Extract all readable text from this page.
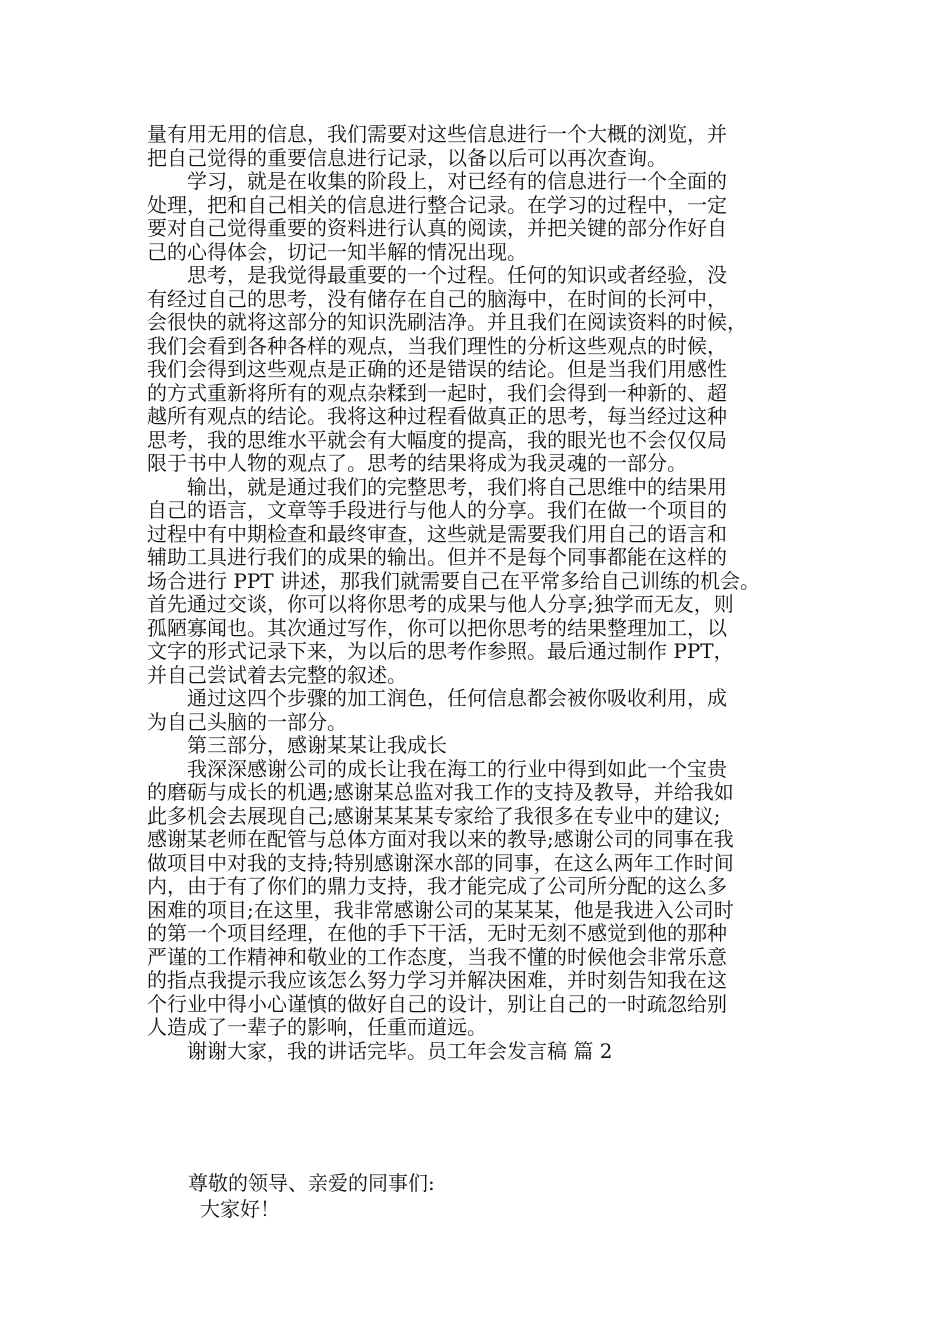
量有用无用的信息，我们需要对这些信息进行一个大概的浏览，并
把自己觉得的重要信息进行记录，以备以后可以再次查询。
　　学习，就是在收集的阶段上，对已经有的信息进行一个全面的
处理，把和自己相关的信息进行整合记录。在学习的过程中，一定
要对自己觉得重要的资料进行认真的阅读，并把关键的部分作好自
己的心得体会，切记一知半解的情况出现。
　　思考，是我觉得最重要的一个过程。任何的知识或者经验，没
有经过自己的思考，没有储存在自己的脑海中，在时间的长河中，
会很快的就将这部分的知识洗刷洁净。并且我们在阅读资料的时候，
我们会看到各种各样的观点，当我们理性的分析这些观点的时候，
我们会得到这些观点是正确的还是错误的结论。但是当我们用感性
的方式重新将所有的观点杂糅到一起时，我们会得到一种新的、超
越所有观点的结论。我将这种过程看做真正的思考，每当经过这种
思考，我的思维水平就会有大幅度的提高，我的眼光也不会仅仅局
限于书中人物的观点了。思考的结果将成为我灵魂的一部分。
　　输出，就是通过我们的完整思考，我们将自己思维中的结果用
自己的语言，文章等手段进行与他人的分享。我们在做一个项目的
过程中有中期检查和最终审查，这些就是需要我们用自己的语言和
辅助工具进行我们的成果的输出。但并不是每个同事都能在这样的
场合进行 PPT 讲述，那我们就需要自己在平常多给自己训练的机会。
首先通过交谈，你可以将你思考的成果与他人分享;独学而无友，则
孤陋寡闻也。其次通过写作，你可以把你思考的结果整理加工，以
文字的形式记录下来，为以后的思考作参照。最后通过制作 PPT，
并自己尝试着去完整的叙述。
　　通过这四个步骤的加工润色，任何信息都会被你吸收利用，成
为自己头脑的一部分。
　　第三部分，感谢某某让我成长
　　我深深感谢公司的成长让我在海工的行业中得到如此一个宝贵
的磨砺与成长的机遇;感谢某总监对我工作的支持及教导，并给我如
此多机会去展现自己;感谢某某某专家给了我很多在专业中的建议;
感谢某老师在配管与总体方面对我以来的教导;感谢公司的同事在我
做项目中对我的支持;特别感谢深水部的同事，在这么两年工作时间
内，由于有了你们的鼎力支持，我才能完成了公司所分配的这么多
困难的项目;在这里，我非常感谢公司的某某某，他是我进入公司时
的第一个项目经理，在他的手下干活，无时无刻不感觉到他的那种
严谨的工作精神和敬业的工作态度，当我不懂的时候他会非常乐意
的指点我提示我应该怎么努力学习并解决困难，并时刻告知我在这
个行业中得小心谨慎的做好自己的设计，别让自己的一时疏忽给别
人造成了一辈子的影响，任重而道远。
　　谢谢大家，我的讲话完毕。员工年会发言稿 篇 2
尊敬的领导、亲爱的同事们:
大家好！
